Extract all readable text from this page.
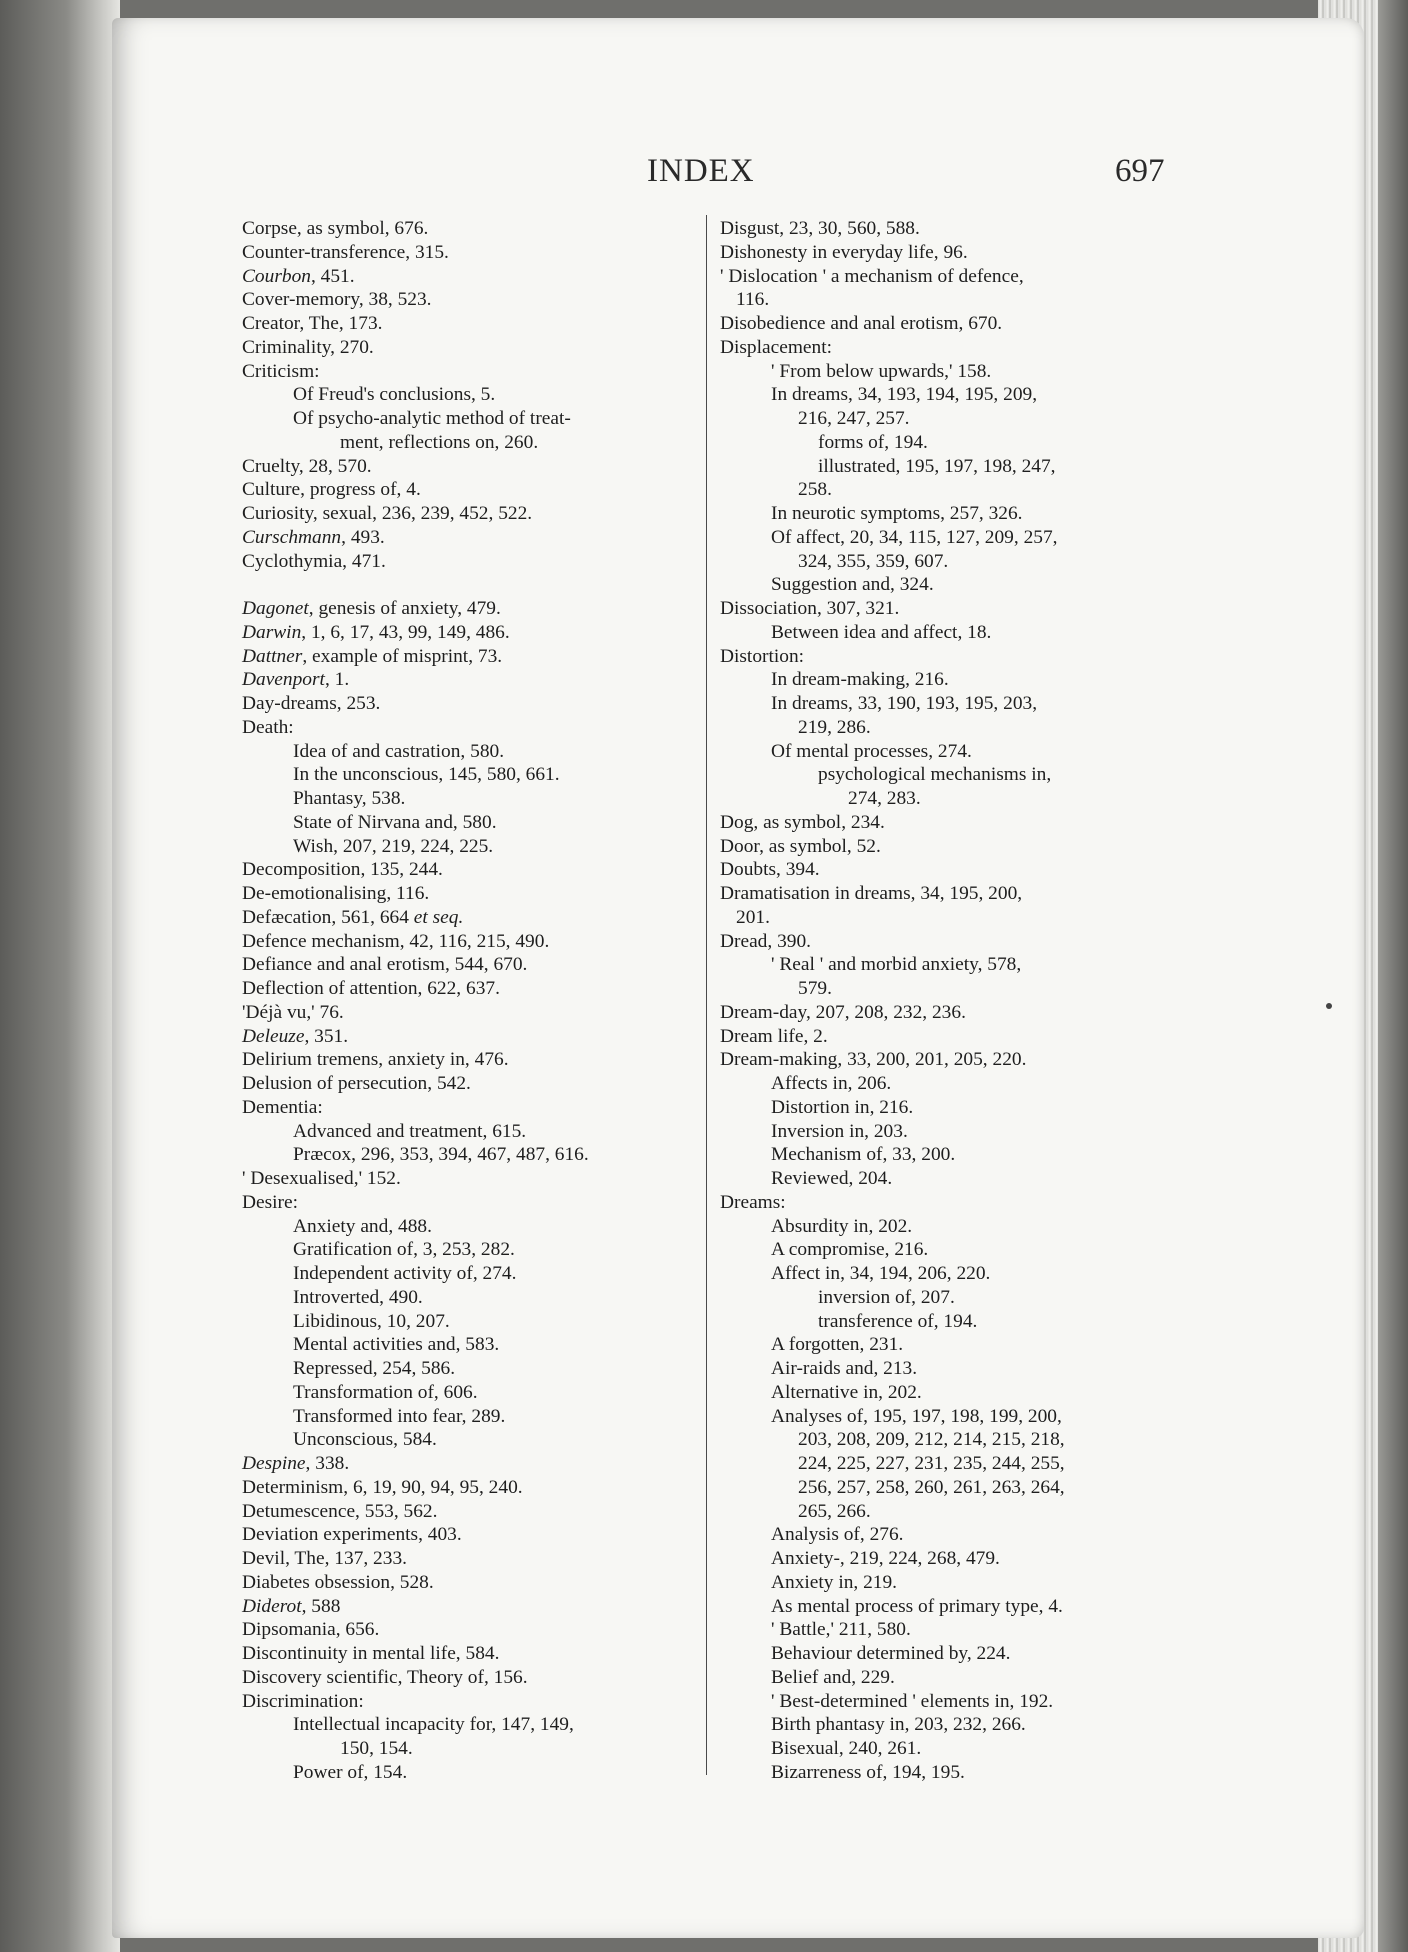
INDEX	697
Corpse, as symbol, 676.
Counter-transference, 315.
Courbon, 451.
Cover-memory, 38, 523.
Creator, The, 173.
Criminality, 270.
Criticism:
Of Freud's conclusions, 5.
Of psycho-analytic method of treat-
ment, reflections on, 260.
Cruelty, 28, 570.
Culture, progress of, 4.
Curiosity, sexual, 236, 239, 452, 522.
Curschmann, 493.
Cyclothymia, 471.
Dagonet, genesis of anxiety, 479.
Darwin, 1, 6, 17, 43, 99, 149, 486.
Dattner, example of misprint, 73.
Davenport, 1.
Day-dreams, 253.
Death:
Idea of and castration, 580.
In the unconscious, 145, 580, 661.
Phantasy, 538.
State of Nirvana and, 580.
Wish, 207, 219, 224, 225.
Decomposition, 135, 244.
De-emotionalising, 116.
Defæcation, 561, 664 et seq.
Defence mechanism, 42, 116, 215, 490.
Defiance and anal erotism, 544, 670.
Deflection of attention, 622, 637.
'Déjà vu,' 76.
Deleuze, 351.
Delirium tremens, anxiety in, 476.
Delusion of persecution, 542.
Dementia:
Advanced and treatment, 615.
Præcox, 296, 353, 394, 467, 487, 616.
' Desexualised,' 152.
Desire:
Anxiety and, 488.
Gratification of, 3, 253, 282.
Independent activity of, 274.
Introverted, 490.
Libidinous, 10, 207.
Mental activities and, 583.
Repressed, 254, 586.
Transformation of, 606.
Transformed into fear, 289.
Unconscious, 584.
Despine, 338.
Determinism, 6, 19, 90, 94, 95, 240.
Detumescence, 553, 562.
Deviation experiments, 403.
Devil, The, 137, 233.
Diabetes obsession, 528.
Diderot, 588
Dipsomania, 656.
Discontinuity in mental life, 584.
Discovery scientific, Theory of, 156.
Discrimination:
Intellectual incapacity for, 147, 149,
150, 154.
Power of, 154.
Disgust, 23, 30, 560, 588.
Dishonesty in everyday life, 96.
' Dislocation ' a mechanism of defence,
116.
Disobedience and anal erotism, 670.
Displacement:
' From below upwards,' 158.
In dreams, 34, 193, 194, 195, 209,
216, 247, 257.
forms of, 194.
illustrated, 195, 197, 198, 247,
258.
In neurotic symptoms, 257, 326.
Of affect, 20, 34, 115, 127, 209, 257,
324, 355, 359, 607.
Suggestion and, 324.
Dissociation, 307, 321.
Between idea and affect, 18.
Distortion:
In dream-making, 216.
In dreams, 33, 190, 193, 195, 203,
219, 286.
Of mental processes, 274.
psychological mechanisms in,
274, 283.
Dog, as symbol, 234.
Door, as symbol, 52.
Doubts, 394.
Dramatisation in dreams, 34, 195, 200,
201.
Dread, 390.
' Real ' and morbid anxiety, 578,
579.
Dream-day, 207, 208, 232, 236.
Dream life, 2.
Dream-making, 33, 200, 201, 205, 220.
Affects in, 206.
Distortion in, 216.
Inversion in, 203.
Mechanism of, 33, 200.
Reviewed, 204.
Dreams:
Absurdity in, 202.
A compromise, 216.
Affect in, 34, 194, 206, 220.
inversion of, 207.
transference of, 194.
A forgotten, 231.
Air-raids and, 213.
Alternative in, 202.
Analyses of, 195, 197, 198, 199, 200,
203, 208, 209, 212, 214, 215, 218,
224, 225, 227, 231, 235, 244, 255,
256, 257, 258, 260, 261, 263, 264,
265, 266.
Analysis of, 276.
Anxiety-, 219, 224, 268, 479.
Anxiety in, 219.
As mental process of primary type, 4.
' Battle,' 211, 580.
Behaviour determined by, 224.
Belief and, 229.
' Best-determined ' elements in, 192.
Birth phantasy in, 203, 232, 266.
Bisexual, 240, 261.
Bizarreness of, 194, 195.
